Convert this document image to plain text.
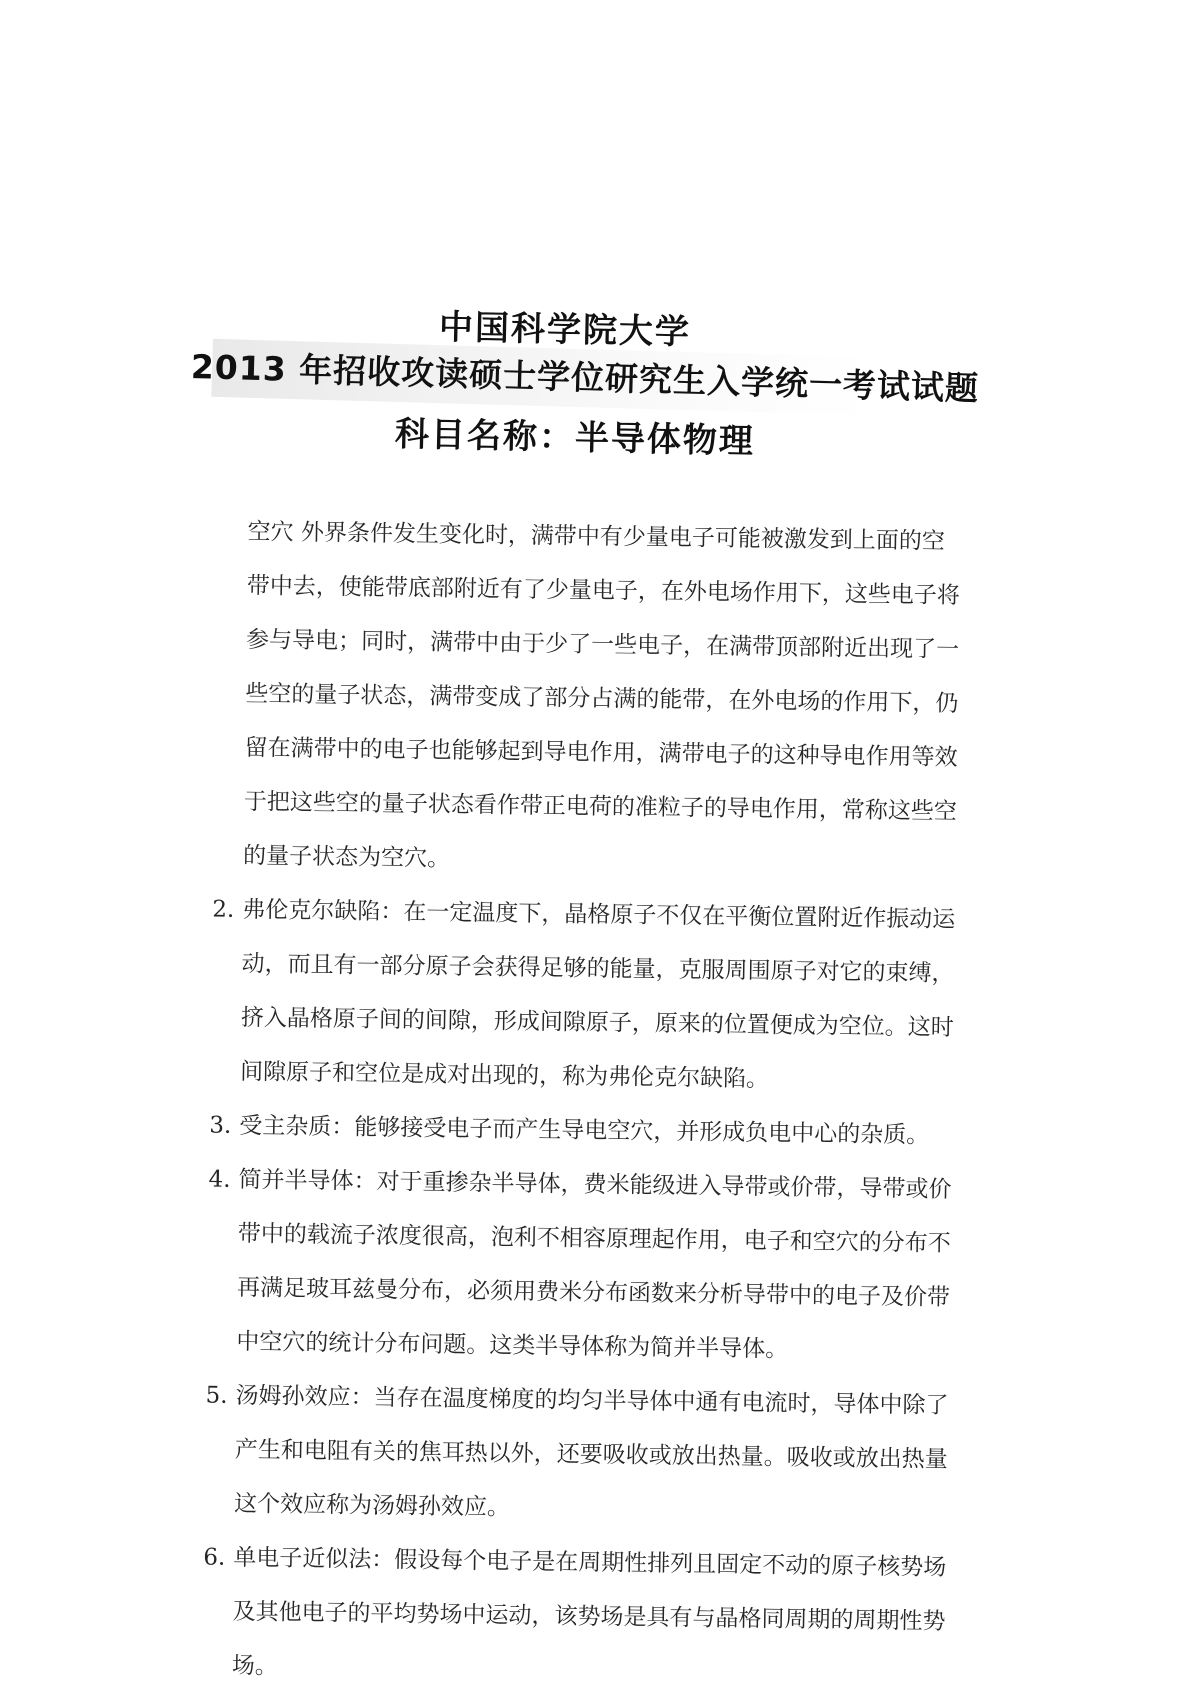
中国科学院大学
2013 年招收攻读硕士学位研究生入学统一考试试题
科目名称：半导体物理

空穴 外界条件发生变化时，满带中有少量电子可能被激发到上面的空带中去，使能带底部附近有了少量电子，在外电场作用下，这些电子将参与导电；同时，满带中由于少了一些电子，在满带顶部附近出现了一些空的量子状态，满带变成了部分占满的能带，在外电场的作用下，仍留在满带中的电子也能够起到导电作用，满带电子的这种导电作用等效于把这些空的量子状态看作带正电荷的准粒子的导电作用，常称这些空的量子状态为空穴。

2. 弗伦克尔缺陷：在一定温度下，晶格原子不仅在平衡位置附近作振动运动，而且有一部分原子会获得足够的能量，克服周围原子对它的束缚，挤入晶格原子间的间隙，形成间隙原子，原来的位置便成为空位。这时间隙原子和空位是成对出现的，称为弗伦克尔缺陷。

3. 受主杂质：能够接受电子而产生导电空穴，并形成负电中心的杂质。

4. 简并半导体：对于重掺杂半导体，费米能级进入导带或价带，导带或价带中的载流子浓度很高，泡利不相容原理起作用，电子和空穴的分布不再满足玻耳兹曼分布，必须用费米分布函数来分析导带中的电子及价带中空穴的统计分布问题。这类半导体称为简并半导体。

5. 汤姆孙效应：当存在温度梯度的均匀半导体中通有电流时，导体中除了产生和电阻有关的焦耳热以外，还要吸收或放出热量。吸收或放出热量这个效应称为汤姆孙效应。

6. 单电子近似法：假设每个电子是在周期性排列且固定不动的原子核势场及其他电子的平均势场中运动，该势场是具有与晶格同周期的周期性势场。
